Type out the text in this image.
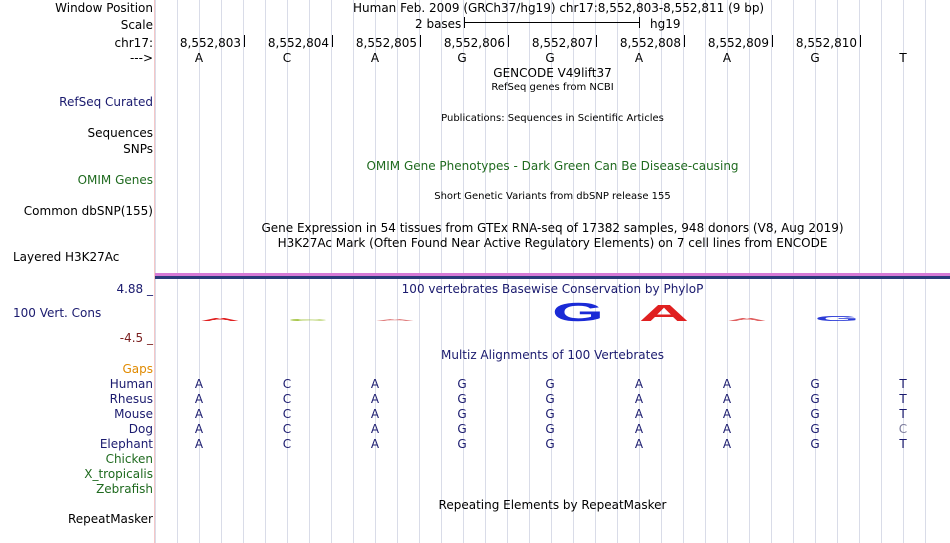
Window Position	Human Feb. 2009 (GRCh37/hg19) chr17:8,552,803-8,552,811 (9 bp)
Scale	2 bases	hg19
chr17: 8,552,803 8,552,804 8,552,805 8,552,806 8,552,807 8,552,808 8,552,809 8,552,810
--->	A	C	A	G	G	A	A	G	T
GENCODE V49lift37
RefSeq genes from NCBI
RefSeq Curated
Publications: Sequences in Scientific Articles
Sequences
SNPs
OMIM Gene Phenotypes - Dark Green Can Be Disease-causing
OMIM Genes
Short Genetic Variants from dbSNP release 155
Common dbSNP(155)
Gene Expression in 54 tissues from GTEx RNA-seq of 17382 samples, 948 donors (V8, Aug 2019)
H3K27Ac Mark (Often Found Near Active Regulatory Elements) on 7 cell lines from ENCODE
Layered H3K27Ac
4.88 _	100 vertebrates Basewise Conservation by PhyloP
100 Vert. Cons
-4.5 _
A C A	G A A G
Multiz Alignments of 100 Vertebrates
Gaps
Human	A	C	A	G	G	A	A	G	T
Rhesus	A	C	A	G	G	A	A	G	T
Mouse	A	C	A	G	G	A	A	G	T
Dog	A	C	A	G	G	A	A	G	C
Elephant	A	C	A	G	G	A	A	G	T
Chicken
X_tropicalis
Zebrafish
Repeating Elements by RepeatMasker
RepeatMasker
